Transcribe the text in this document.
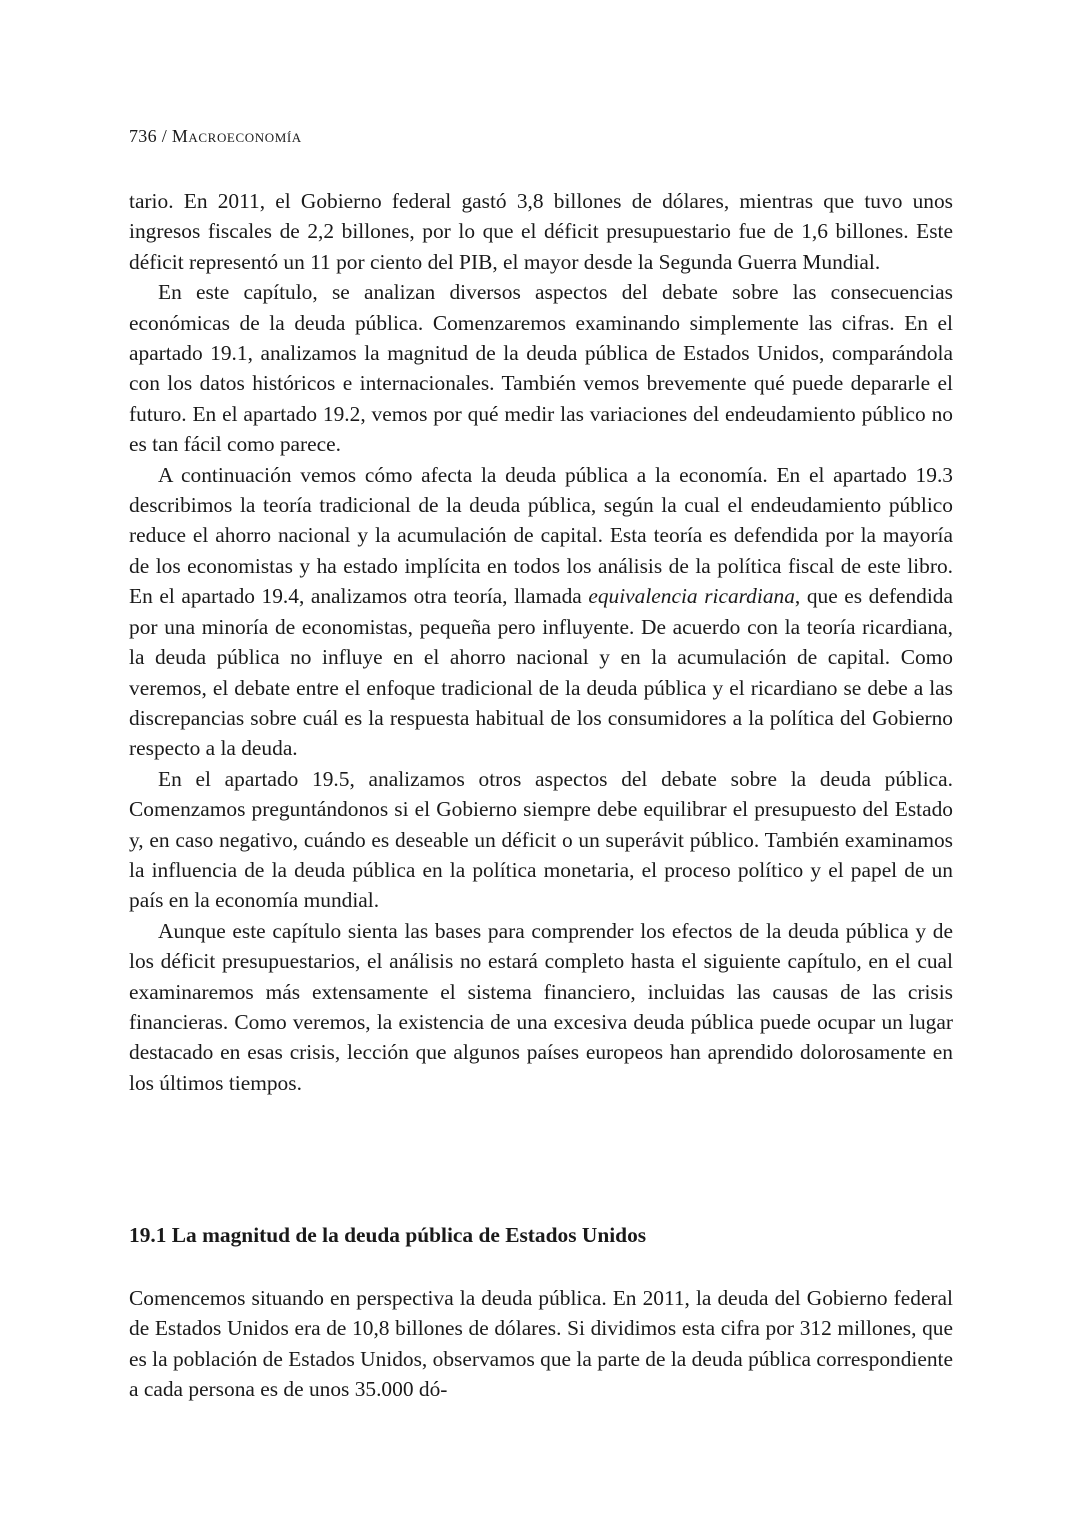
736 / Macroeconomía

tario. En 2011, el Gobierno federal gastó 3,8 billones de dólares, mientras que tuvo unos ingresos fiscales de 2,2 billones, por lo que el déficit presupuestario fue de 1,6 billones. Este déficit representó un 11 por ciento del PIB, el mayor desde la Segunda Guerra Mundial.

En este capítulo, se analizan diversos aspectos del debate sobre las consecuencias económicas de la deuda pública. Comenzaremos examinando simplemente las cifras. En el apartado 19.1, analizamos la magnitud de la deuda pública de Estados Unidos, comparándola con los datos históricos e internacionales. También vemos brevemente qué puede depararle el futuro. En el apartado 19.2, vemos por qué medir las variaciones del endeudamiento público no es tan fácil como parece.

A continuación vemos cómo afecta la deuda pública a la economía. En el apartado 19.3 describimos la teoría tradicional de la deuda pública, según la cual el endeudamiento público reduce el ahorro nacional y la acumulación de capital. Esta teoría es defendida por la mayoría de los economistas y ha estado implícita en todos los análisis de la política fiscal de este libro. En el apartado 19.4, analizamos otra teoría, llamada equivalencia ricardiana, que es defendida por una minoría de economistas, pequeña pero influyente. De acuerdo con la teoría ricardiana, la deuda pública no influye en el ahorro nacional y en la acumulación de capital. Como veremos, el debate entre el enfoque tradicional de la deuda pública y el ricardiano se debe a las discrepancias sobre cuál es la respuesta habitual de los consumidores a la política del Gobierno respecto a la deuda.

En el apartado 19.5, analizamos otros aspectos del debate sobre la deuda pública. Comenzamos preguntándonos si el Gobierno siempre debe equilibrar el presupuesto del Estado y, en caso negativo, cuándo es deseable un déficit o un superávit público. También examinamos la influencia de la deuda pública en la política monetaria, el proceso político y el papel de un país en la economía mundial.

Aunque este capítulo sienta las bases para comprender los efectos de la deuda pública y de los déficit presupuestarios, el análisis no estará completo hasta el siguiente capítulo, en el cual examinaremos más extensamente el sistema financiero, incluidas las causas de las crisis financieras. Como veremos, la existencia de una excesiva deuda pública puede ocupar un lugar destacado en esas crisis, lección que algunos países europeos han aprendido dolorosamente en los últimos tiempos.

19.1 La magnitud de la deuda pública de Estados Unidos

Comencemos situando en perspectiva la deuda pública. En 2011, la deuda del Gobierno federal de Estados Unidos era de 10,8 billones de dólares. Si dividimos esta cifra por 312 millones, que es la población de Estados Unidos, observamos que la parte de la deuda pública correspondiente a cada persona es de unos 35.000 dó-
